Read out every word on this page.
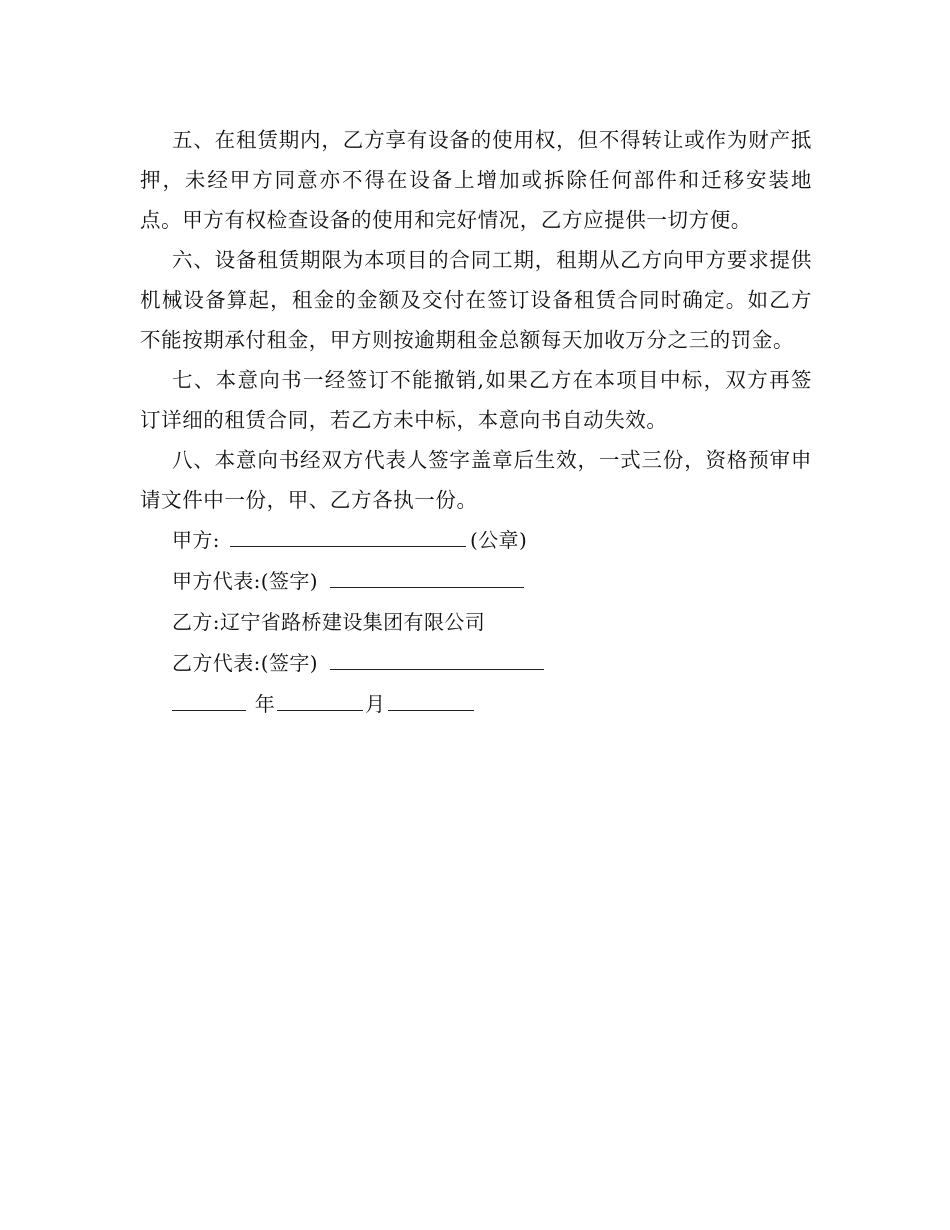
五、在租赁期内，乙方享有设备的使用权，但不得转让或作为财产抵押，未经甲方同意亦不得在设备上增加或拆除任何部件和迁移安装地点。甲方有权检查设备的使用和完好情况，乙方应提供一切方便。

六、设备租赁期限为本项目的合同工期，租期从乙方向甲方要求提供机械设备算起，租金的金额及交付在签订设备租赁合同时确定。如乙方不能按期承付租金，甲方则按逾期租金总额每天加收万分之三的罚金。

七、本意向书一经签订不能撤销,如果乙方在本项目中标，双方再签订详细的租赁合同，若乙方未中标，本意向书自动失效。

八、本意向书经双方代表人签字盖章后生效，一式三份，资格预审申请文件中一份，甲、乙方各执一份。

甲方:	(公章)
甲方代表:(签字)
乙方:辽宁省路桥建设集团有限公司
乙方代表:(签字)
年	月
